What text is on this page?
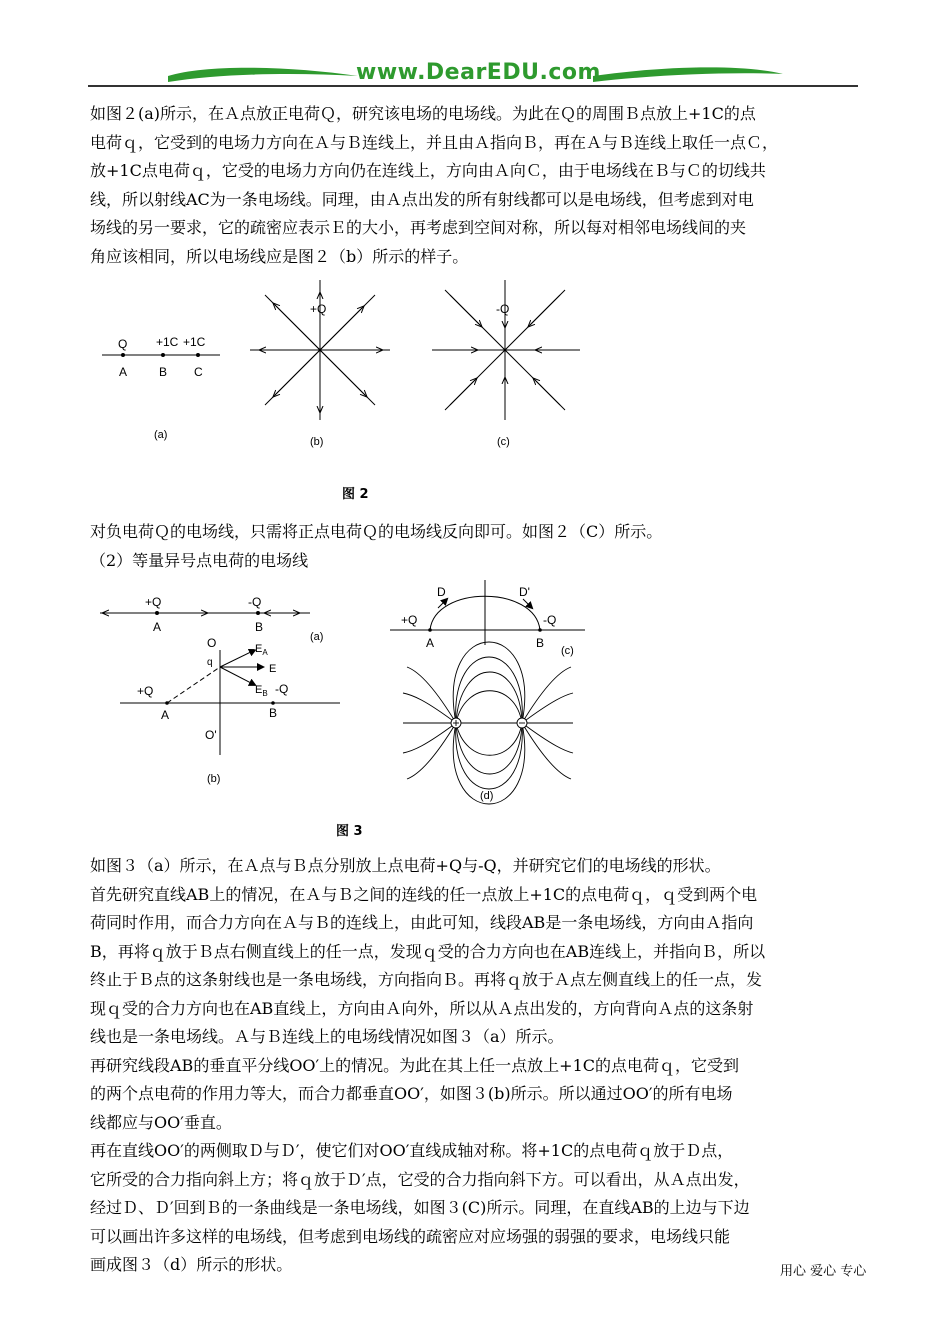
www.DearEDU.com
如图２(a)所示，在Ａ点放正电荷Ｑ，研究该电场的电场线。为此在Ｑ的周围Ｂ点放上+1C的点
电荷ｑ，它受到的电场力方向在Ａ与Ｂ连线上，并且由Ａ指向Ｂ，再在Ａ与Ｂ连线上取任一点Ｃ，
放+1C点电荷ｑ，它受的电场力方向仍在连线上，方向由Ａ向Ｃ，由于电场线在Ｂ与Ｃ的切线共
线，所以射线AC为一条电场线。同理，由Ａ点出发的所有射线都可以是电场线，但考虑到对电
场线的另一要求，它的疏密应表示Ｅ的大小，再考虑到空间对称，所以每对相邻电场线间的夹
角应该相同，所以电场线应是图２（b）所示的样子。
Q +1C +1C
A	B C
(a)
+Q
(b)
-Q
(c)
图 2
对负电荷Ｑ的电场线，只需将正点电荷Ｑ的电场线反向即可。如图２（C）所示。
（2）等量异号点电荷的电场线
+Q	-Q
A	B
(a)
O
q
$E_A$
E
$E_B$ -Q
+Q
A	B
O'
(b)
D	D'
+Q	-Q
A	B
(c)
(d)
图 3
如图３（a）所示，在Ａ点与Ｂ点分别放上点电荷+Q与-Q，并研究它们的电场线的形状。
首先研究直线AB上的情况，在Ａ与Ｂ之间的连线的任一点放上+1C的点电荷ｑ，ｑ受到两个电
荷同时作用，而合力方向在Ａ与Ｂ的连线上，由此可知，线段AB是一条电场线，方向由Ａ指向
B，再将ｑ放于Ｂ点右侧直线上的任一点，发现ｑ受的合力方向也在AB连线上，并指向Ｂ，所以
终止于Ｂ点的这条射线也是一条电场线，方向指向Ｂ。再将ｑ放于Ａ点左侧直线上的任一点，发
现ｑ受的合力方向也在AB直线上，方向由Ａ向外，所以从Ａ点出发的，方向背向Ａ点的这条射
线也是一条电场线。Ａ与Ｂ连线上的电场线情况如图３（a）所示。
再研究线段AB的垂直平分线OO′上的情况。为此在其上任一点放上+1C的点电荷ｑ，它受到
的两个点电荷的作用力等大，而合力都垂直OO′，如图３(b)所示。所以通过OO′的所有电场
线都应与OO′垂直。
再在直线OO′的两侧取Ｄ与Ｄ′，使它们对OO′直线成轴对称。将+1C的点电荷ｑ放于Ｄ点，
它所受的合力指向斜上方；将ｑ放于Ｄ′点，它受的合力指向斜下方。可以看出，从Ａ点出发，
经过Ｄ、Ｄ′回到Ｂ的一条曲线是一条电场线，如图３(C)所示。同理，在直线AB的上边与下边
可以画出许多这样的电场线，但考虑到电场线的疏密应对应场强的弱强的要求，电场线只能
画成图３（d）所示的形状。	用心 爱心 专心
